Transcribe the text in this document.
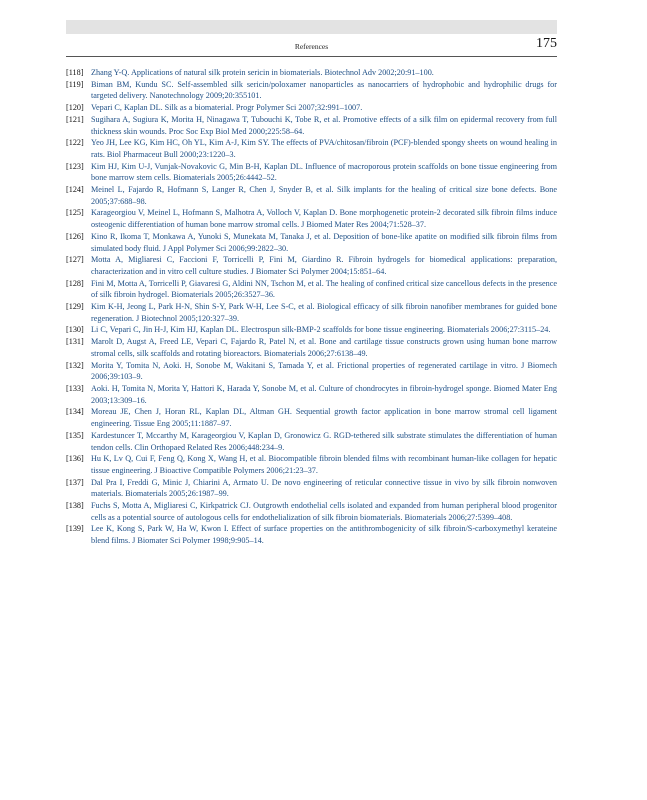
References	175
[118] Zhang Y-Q. Applications of natural silk protein sericin in biomaterials. Biotechnol Adv 2002;20:91–100.
[119] Biman BM, Kundu SC. Self-assembled silk sericin/poloxamer nanoparticles as nanocarriers of hydrophobic and hydrophilic drugs for targeted delivery. Nanotechnology 2009;20:355101.
[120] Vepari C, Kaplan DL. Silk as a biomaterial. Progr Polymer Sci 2007;32:991–1007.
[121] Sugihara A, Sugiura K, Morita H, Ninagawa T, Tubouchi K, Tobe R, et al. Promotive effects of a silk film on epidermal recovery from full thickness skin wounds. Proc Soc Exp Biol Med 2000;225:58–64.
[122] Yeo JH, Lee KG, Kim HC, Oh YL, Kim A-J, Kim SY. The effects of PVA/chitosan/fibroin (PCF)-blended spongy sheets on wound healing in rats. Biol Pharmaceut Bull 2000;23:1220–3.
[123] Kim HJ, Kim U-J, Vunjak-Novakovic G, Min B-H, Kaplan DL. Influence of macroporous protein scaffolds on bone tissue engineering from bone marrow stem cells. Biomaterials 2005;26:4442–52.
[124] Meinel L, Fajardo R, Hofmann S, Langer R, Chen J, Snyder B, et al. Silk implants for the healing of critical size bone defects. Bone 2005;37:688–98.
[125] Karageorgiou V, Meinel L, Hofmann S, Malhotra A, Volloch V, Kaplan D. Bone morphogenetic protein-2 decorated silk fibroin films induce osteogenic differentiation of human bone marrow stromal cells. J Biomed Mater Res 2004;71:528–37.
[126] Kino R, Ikoma T, Monkawa A, Yunoki S, Munekata M, Tanaka J, et al. Deposition of bone-like apatite on modified silk fibroin films from simulated body fluid. J Appl Polymer Sci 2006;99:2822–30.
[127] Motta A, Migliaresi C, Faccioni F, Torricelli P, Fini M, Giardino R. Fibroin hydrogels for biomedical applications: preparation, characterization and in vitro cell culture studies. J Biomater Sci Polymer 2004;15:851–64.
[128] Fini M, Motta A, Torricelli P, Giavaresi G, Aldini NN, Tschon M, et al. The healing of confined critical size cancellous defects in the presence of silk fibroin hydrogel. Biomaterials 2005;26:3527–36.
[129] Kim K-H, Jeong L, Park H-N, Shin S-Y, Park W-H, Lee S-C, et al. Biological efficacy of silk fibroin nanofiber membranes for guided bone regeneration. J Biotechnol 2005;120:327–39.
[130] Li C, Vepari C, Jin H-J, Kim HJ, Kaplan DL. Electrospun silk-BMP-2 scaffolds for bone tissue engineering. Biomaterials 2006;27:3115–24.
[131] Marolt D, Augst A, Freed LE, Vepari C, Fajardo R, Patel N, et al. Bone and cartilage tissue constructs grown using human bone marrow stromal cells, silk scaffolds and rotating bioreactors. Biomaterials 2006;27:6138–49.
[132] Morita Y, Tomita N, Aoki. H, Sonobe M, Wakitani S, Tamada Y, et al. Frictional properties of regenerated cartilage in vitro. J Biomech 2006;39:103–9.
[133] Aoki. H, Tomita N, Morita Y, Hattori K, Harada Y, Sonobe M, et al. Culture of chondrocytes in fibroin-hydrogel sponge. Biomed Mater Eng 2003;13:309–16.
[134] Moreau JE, Chen J, Horan RL, Kaplan DL, Altman GH. Sequential growth factor application in bone marrow stromal cell ligament engineering. Tissue Eng 2005;11:1887–97.
[135] Kardestuncer T, Mccarthy M, Karageorgiou V, Kaplan D, Gronowicz G. RGD-tethered silk substrate stimulates the differentiation of human tendon cells. Clin Orthopaed Related Res 2006;448:234–9.
[136] Hu K, Lv Q, Cui F, Feng Q, Kong X, Wang H, et al. Biocompatible fibroin blended films with recombinant human-like collagen for hepatic tissue engineering. J Bioactive Compatible Polymers 2006;21:23–37.
[137] Dal Pra I, Freddi G, Minic J, Chiarini A, Armato U. De novo engineering of reticular connective tissue in vivo by silk fibroin nonwoven materials. Biomaterials 2005;26:1987–99.
[138] Fuchs S, Motta A, Migliaresi C, Kirkpatrick CJ. Outgrowth endothelial cells isolated and expanded from human peripheral blood progenitor cells as a potential source of autologous cells for endothelialization of silk fibroin biomaterials. Biomaterials 2006;27:5399–408.
[139] Lee K, Kong S, Park W, Ha W, Kwon I. Effect of surface properties on the antithrombogenicity of silk fibroin/S-carboxymethyl kerateine blend films. J Biomater Sci Polymer 1998;9:905–14.
